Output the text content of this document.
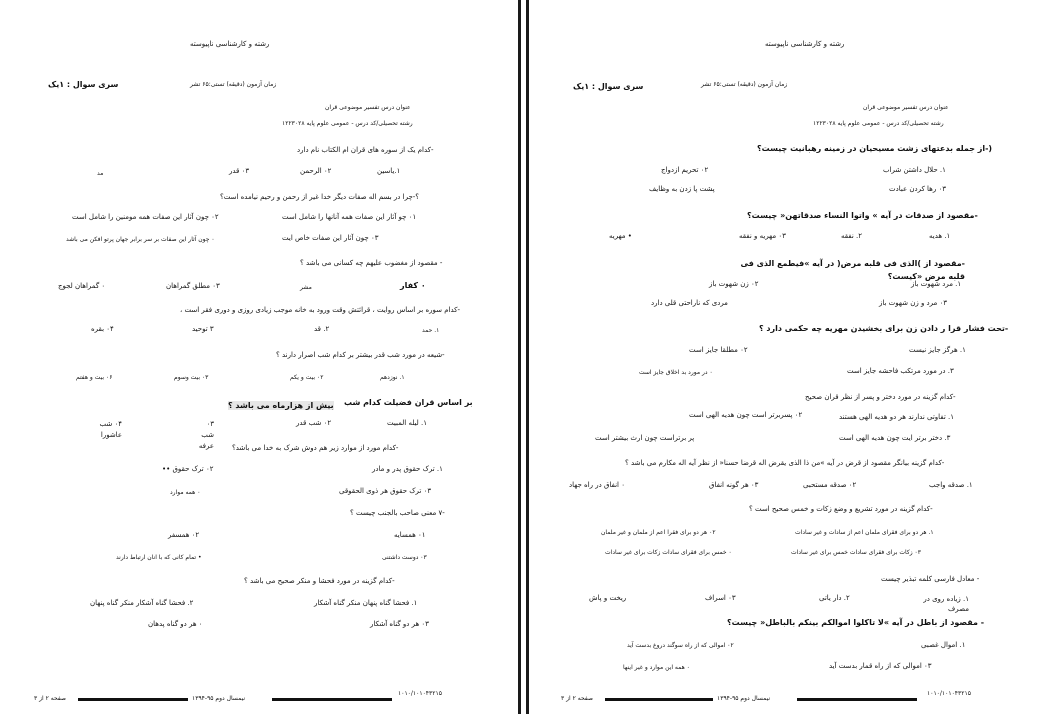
رشته و کارشناسی ناپیوسته
سری سوال : ۱یک	زمان آزمون (دقیقه) تستی:۶۵ تشر
عنوان درس تفسیر موضوعی قران
رشته تحصیلی/کد درس - عمومی علوم پایه ۱۲۲۳۰۲۸
-کدام یک از سوره های قران ام الکتاب نام دارد
۱.یاسین
۰۲ الرحمن
۰۳ قدر
مد
؟-چرا در بسم اله صفات دیگر خدا غیر از رحمن و رحیم نیامده است؟
۰۱ چو آثار این صفات همه آنانها را شامل است
۰۲ چون آثار این صفات همه مومنین را شامل است
۰۳ چون آثار این صفات خاص ایت
۰ چون آثار این صفات بر سر برابر جهان پرتو افکن می باشد
- مقصود از مغضوب علیهم چه کسانی می باشد ؟
۰ کفار
مشر
۰۳ مطلق گمراهان
۰ گمراهان لجوج
-کدام سوره بر اساس روایت ، قرائتش وقت ورود به خانه موجب زیادی روزی و دوری فقر است ،
۱. حمد
۲. قد
۳ توحید
۰۴ بقره
-شیعه در مورد شب قدر بیشتر بر کدام شب اصرار دارند ؟
۱. نوزدهم
۰۲ بیت و یکم
۰۳ بیت وسوم
۰۶ بیت و هفتم
بر اساس قران فضیلت کدام شب
بیش از هزارماه می باشد ؟
۱. لیله المبیت
۰۲ شب قدر
۰۳ شب عرفه
۰۴ شب عاشورا
-کدام مورد از موارد زیر هم دوش شرک به خدا می باشد؟
۱. ترک حقوق پدر و مادر
۰۲ ترک حقوق ••
۰۳ ترک حقوق هر ذوی الحقوقی
۰ همه موارد
-۷ معنی صاحب بالجنب چیست ؟
۰۱ همسایه
۰۲ همسفر
۰۳ دوست داشتنی
• تمام کانی که با انان ارتباط دارند
-کدام گزینه در مورد فحشا و منکر صحیح می باشد ؟
۱. فحشا گناه پنهان منکر گناه آشکار
۲. فحشا گناه آشکار منکر گناه پنهان
۰۳ هر دو گناه آشکار
۰ هر دو گناه پدهان
صفحه ۲ از ۳	نیمسال دوم ۹۵-۱۳۹۴
۱۰۱۰/۱۰۱۰۴۳۲۱۵
رشته و کارشناسی ناپیوسته
سری سوال : ۱یک	زمان آزمون (دقیقه) تستی:۶۵ تشر
عنوان درس تفسیر موضوعی قران
رشته تحصیلی/کد درس - عمومی علوم پایه ۱۲۲۳۰۲۸
(-از جمله بدعتهای زشت مسیحیان در زمینه رهبانیت چیست؟
۱. حلال داشتن شراب
۰۲ تحریم ازدواج
۰۳ رها کردن عبادت
پشت پا زدن به وظایف
-مقصود از صدقات در آیه » واتوا النساء صدقاتهن« چیست؟
۱. هدیه
۲. نفقه
۰۳ مهریه و نفقه
• مهریه
-مقصود از )الذی فی قلبه مرض( در آیه »فیطمع الذی فی قلبه مرض «کیست؟
۱. مرد شهوت باز
۰۲ زن شهوت باز
۰۳ مرد و زن شهوت باز
مردی که ناراحتی قلی دارد
-تحت فشار قرا ر دادن زن برای بخشیدن مهریه چه حکمی دارد ؟
۱. هرگز جایز نیست
۰۲ مطلقا جایز است
۳. در مورد مرتکب فاحشه جایز است
۰ در مورد بد اخلاق جایز است
-کدام گزینه در مورد دختر و پسر از نظر قران صحیح
۱. تفاوتی ندارند هر دو هدیه الهی هستند
۰۲ پسربرتر است چون هدیه الهی است
۳. دختر برتر ایت چون هدیه الهی است
پر برتراست چون ارث بیشتر است
-کدام گزینه بیانگر مقصود از قرض در آیه »من ذا الذی یقرض اله قرضا حسنا« از نظر آیه اله مکارم می باشد ؟
۱. صدقه واجب
۰۲ صدقه مستحبی
۰۳ هر گونه انفاق
۰ انفاق در راه جهاد
-کدام گزینه در مورد تشریع و وضع زکات و خمس صحیح است ؟
۱. هر دو برای فقرای ملمان اعم از سادات و غیر سادات
۰۲ هر دو برای فقرا اعم از ملمان و غیر ملمان
۰۳ زکات برای فقرای سادات خمس برای غیر سادات
۰ خمس برای فقرای سادات زکات برای غیر سادات
- معادل فارسی کلمه تبذیر چیست
۱. زیاده روی در مصرف
۲. دار یاتی
۰۳ اسراف
ریخت و پاش
- مقصود از باطل در آیه »لا تاکلوا اموالکم بینکم بالباطل« چیست؟
۱. اموال غصبی
۰۲ اموالی که از راه سوگند دروغ بدست آید
۰۳ اموالی که از راه قمار بدست آید
۰ همه این موارد و غیر اینها
صفحه ۲ از ۳	نیمسال دوم ۹۵-۱۳۹۴
۱۰۱۰/۱۰۱۰۴۳۲۱۵
